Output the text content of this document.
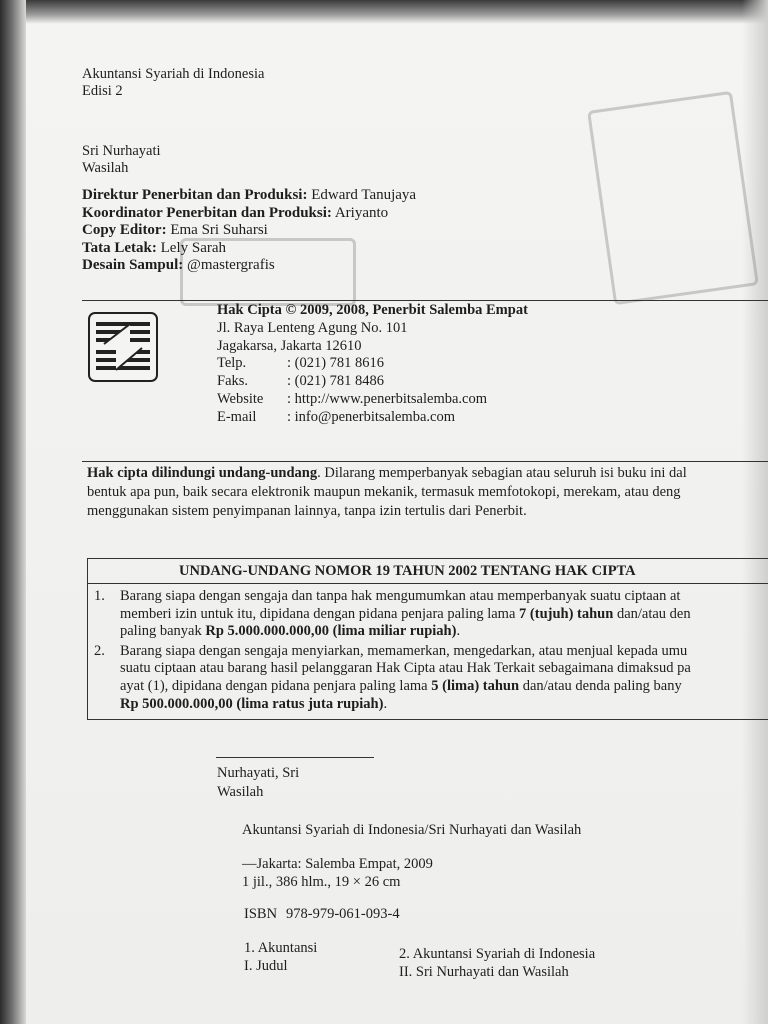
Akuntansi Syariah di Indonesia
Edisi 2
Sri Nurhayati
Wasilah
Direktur Penerbitan dan Produksi: Edward Tanujaya
Koordinator Penerbitan dan Produksi: Ariyanto
Copy Editor: Ema Sri Suharsi
Tata Letak: Lely Sarah
Desain Sampul: @mastergrafis
Hak Cipta © 2009, 2008, Penerbit Salemba Empat
Jl. Raya Lenteng Agung No. 101
Jagakarsa, Jakarta 12610
Telp.	: (021) 781 8616
Faks.	: (021) 781 8486
Website : http://www.penerbitsalemba.com
E-mail : info@penerbitsalemba.com
Hak cipta dilindungi undang-undang. Dilarang memperbanyak sebagian atau seluruh isi buku ini dal
bentuk apa pun, baik secara elektronik maupun mekanik, termasuk memfotokopi, merekam, atau deng
menggunakan sistem penyimpanan lainnya, tanpa izin tertulis dari Penerbit.
UNDANG-UNDANG NOMOR 19 TAHUN 2002 TENTANG HAK CIPTA
1. Barang siapa dengan sengaja dan tanpa hak mengumumkan atau memperbanyak suatu ciptaan at
memberi izin untuk itu, dipidana dengan pidana penjara paling lama 7 (tujuh) tahun dan/atau den
paling banyak Rp 5.000.000.000,00 (lima miliar rupiah).
2. Barang siapa dengan sengaja menyiarkan, memamerkan, mengedarkan, atau menjual kepada umu
suatu ciptaan atau barang hasil pelanggaran Hak Cipta atau Hak Terkait sebagaimana dimaksud pa
ayat (1), dipidana dengan pidana penjara paling lama 5 (lima) tahun dan/atau denda paling bany
Rp 500.000.000,00 (lima ratus juta rupiah).
Nurhayati, Sri
Wasilah
Akuntansi Syariah di Indonesia/Sri Nurhayati dan Wasilah
—Jakarta: Salemba Empat, 2009
1 jil., 386 hlm., 19 × 26 cm
ISBN 978-979-061-093-4
1. Akuntansi
I. Judul
2. Akuntansi Syariah di Indonesia
II. Sri Nurhayati dan Wasilah
